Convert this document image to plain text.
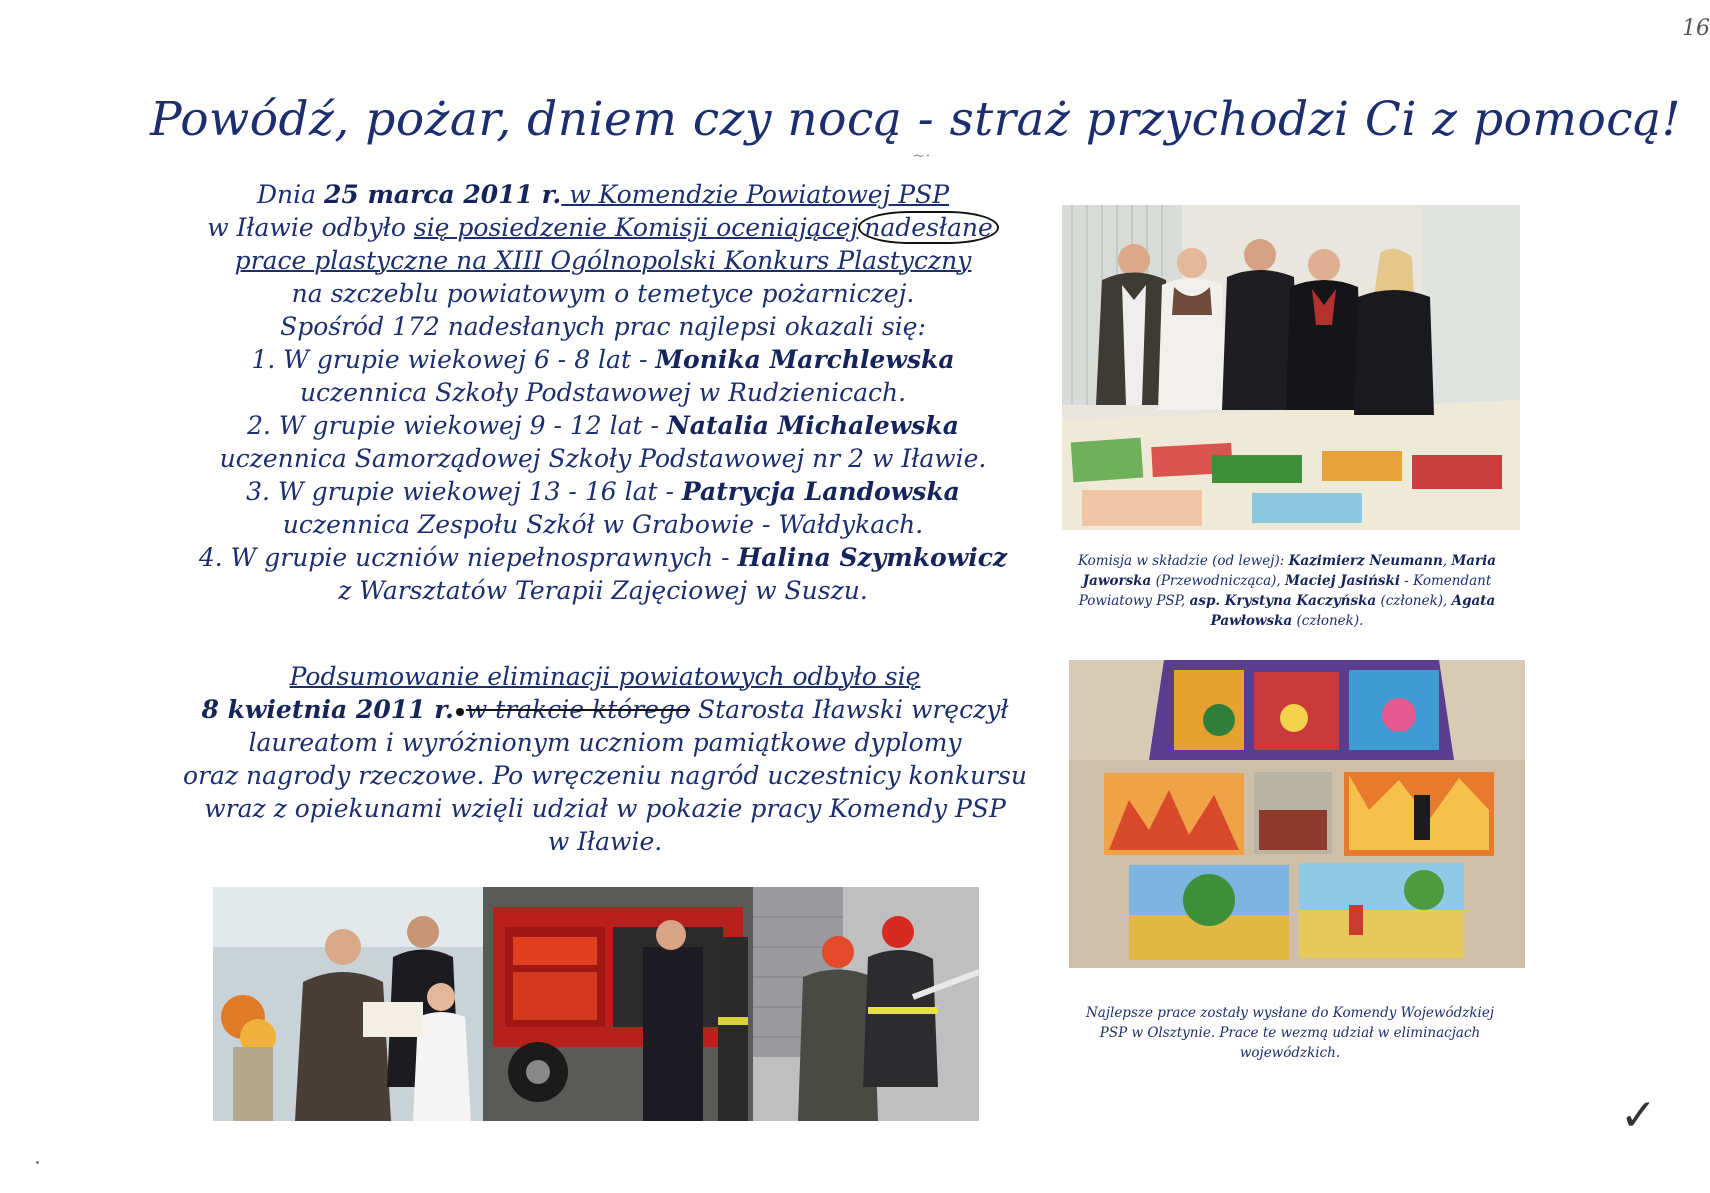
16
Powódź, pożar, dniem czy nocą - straż przychodzi Ci z pomocą!
~·
Dnia 25 marca 2011 r. w Komendzie Powiatowej PSP
w Iławie odbyło się posiedzenie Komisji oceniającej nadesłane
prace plastyczne na XIII Ogólnopolski Konkurs Plastyczny
na szczeblu powiatowym o temetyce pożarniczej.
Spośród 172 nadesłanych prac najlepsi okazali się:
1. W grupie wiekowej 6 - 8 lat - Monika Marchlewska
uczennica Szkoły Podstawowej w Rudzienicach.
2. W grupie wiekowej 9 - 12 lat - Natalia Michalewska
uczennica Samorządowej Szkoły Podstawowej nr 2 w Iławie.
3. W grupie wiekowej 13 - 16 lat - Patrycja Landowska
uczennica Zespołu Szkół w Grabowie - Wałdykach.
4. W grupie uczniów niepełnosprawnych - Halina Szymkowicz
z Warsztatów Terapii Zajęciowej w Suszu.
Podsumowanie eliminacji powiatowych odbyło się
8 kwietnia 2011 r. w trakcie którego Starosta Iławski wręczył
laureatom i wyróżnionym uczniom pamiątkowe dyplomy
oraz nagrody rzeczowe. Po wręczeniu nagród uczestnicy konkursu
wraz z opiekunami wzięli udział w pokazie pracy Komendy PSP
w Iławie.
Komisja w składzie (od lewej): Kazimierz Neumann, Maria Jaworska (Przewodnicząca), Maciej Jasiński - Komendant Powiatowy PSP, asp. Krystyna Kaczyńska (członek), Agata Pawłowska (członek).
Najlepsze prace zostały wysłane do Komendy Wojewódzkiej PSP w Olsztynie. Prace te wezmą udział w eliminacjach wojewódzkich.
✓
